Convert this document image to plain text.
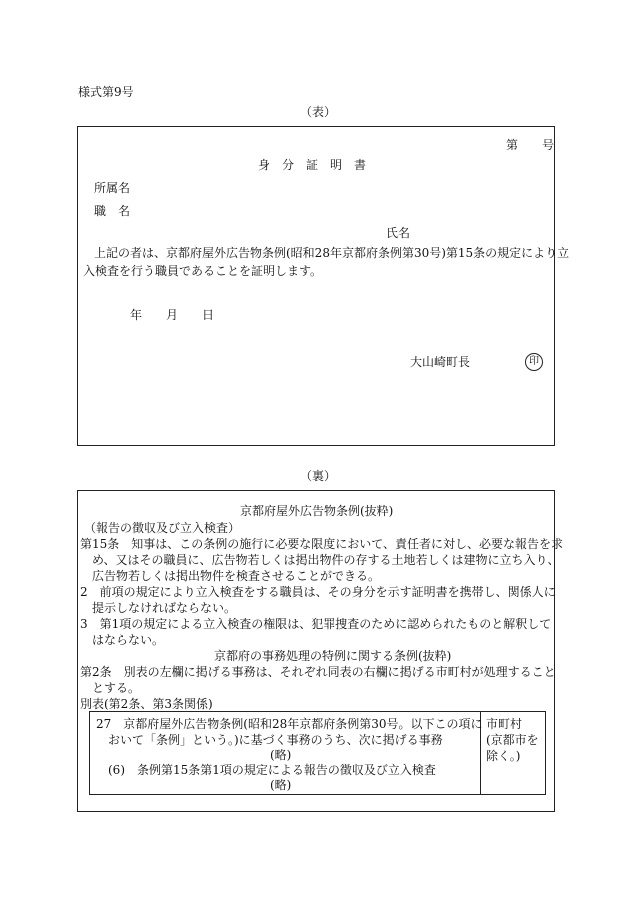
様式第9号
（表）
第　　号
身　分　証　明　書
所属名
職　名
氏名
上記の者は、京都府屋外広告物条例(昭和28年京都府条例第30号)第15条の規定により立
入検査を行う職員であることを証明します。
年　　月　　日
大山崎町長	印
（裏）
京都府屋外広告物条例(抜粋)
（報告の徴収及び立入検査）
第15条　知事は、この条例の施行に必要な限度において、責任者に対し、必要な報告を求
め、又はその職員に、広告物若しくは掲出物件の存する土地若しくは建物に立ち入り、
広告物若しくは掲出物件を検査させることができる。
2　前項の規定により立入検査をする職員は、その身分を示す証明書を携帯し、関係人に
提示しなければならない。
3　第1項の規定による立入検査の権限は、犯罪捜査のために認められたものと解釈して
はならない。
京都府の事務処理の特例に関する条例(抜粋)
第2条　別表の左欄に掲げる事務は、それぞれ同表の右欄に掲げる市町村が処理すること
とする。
別表(第2条、第3条関係)
27　京都府屋外広告物条例(昭和28年京都府条例第30号。以下この項に
おいて「条例」という。)に基づく事務のうち、次に掲げる事務
(略)
(6)　条例第15条第1項の規定による報告の徴収及び立入検査
(略)
市町村
(京都市を
除く。)
